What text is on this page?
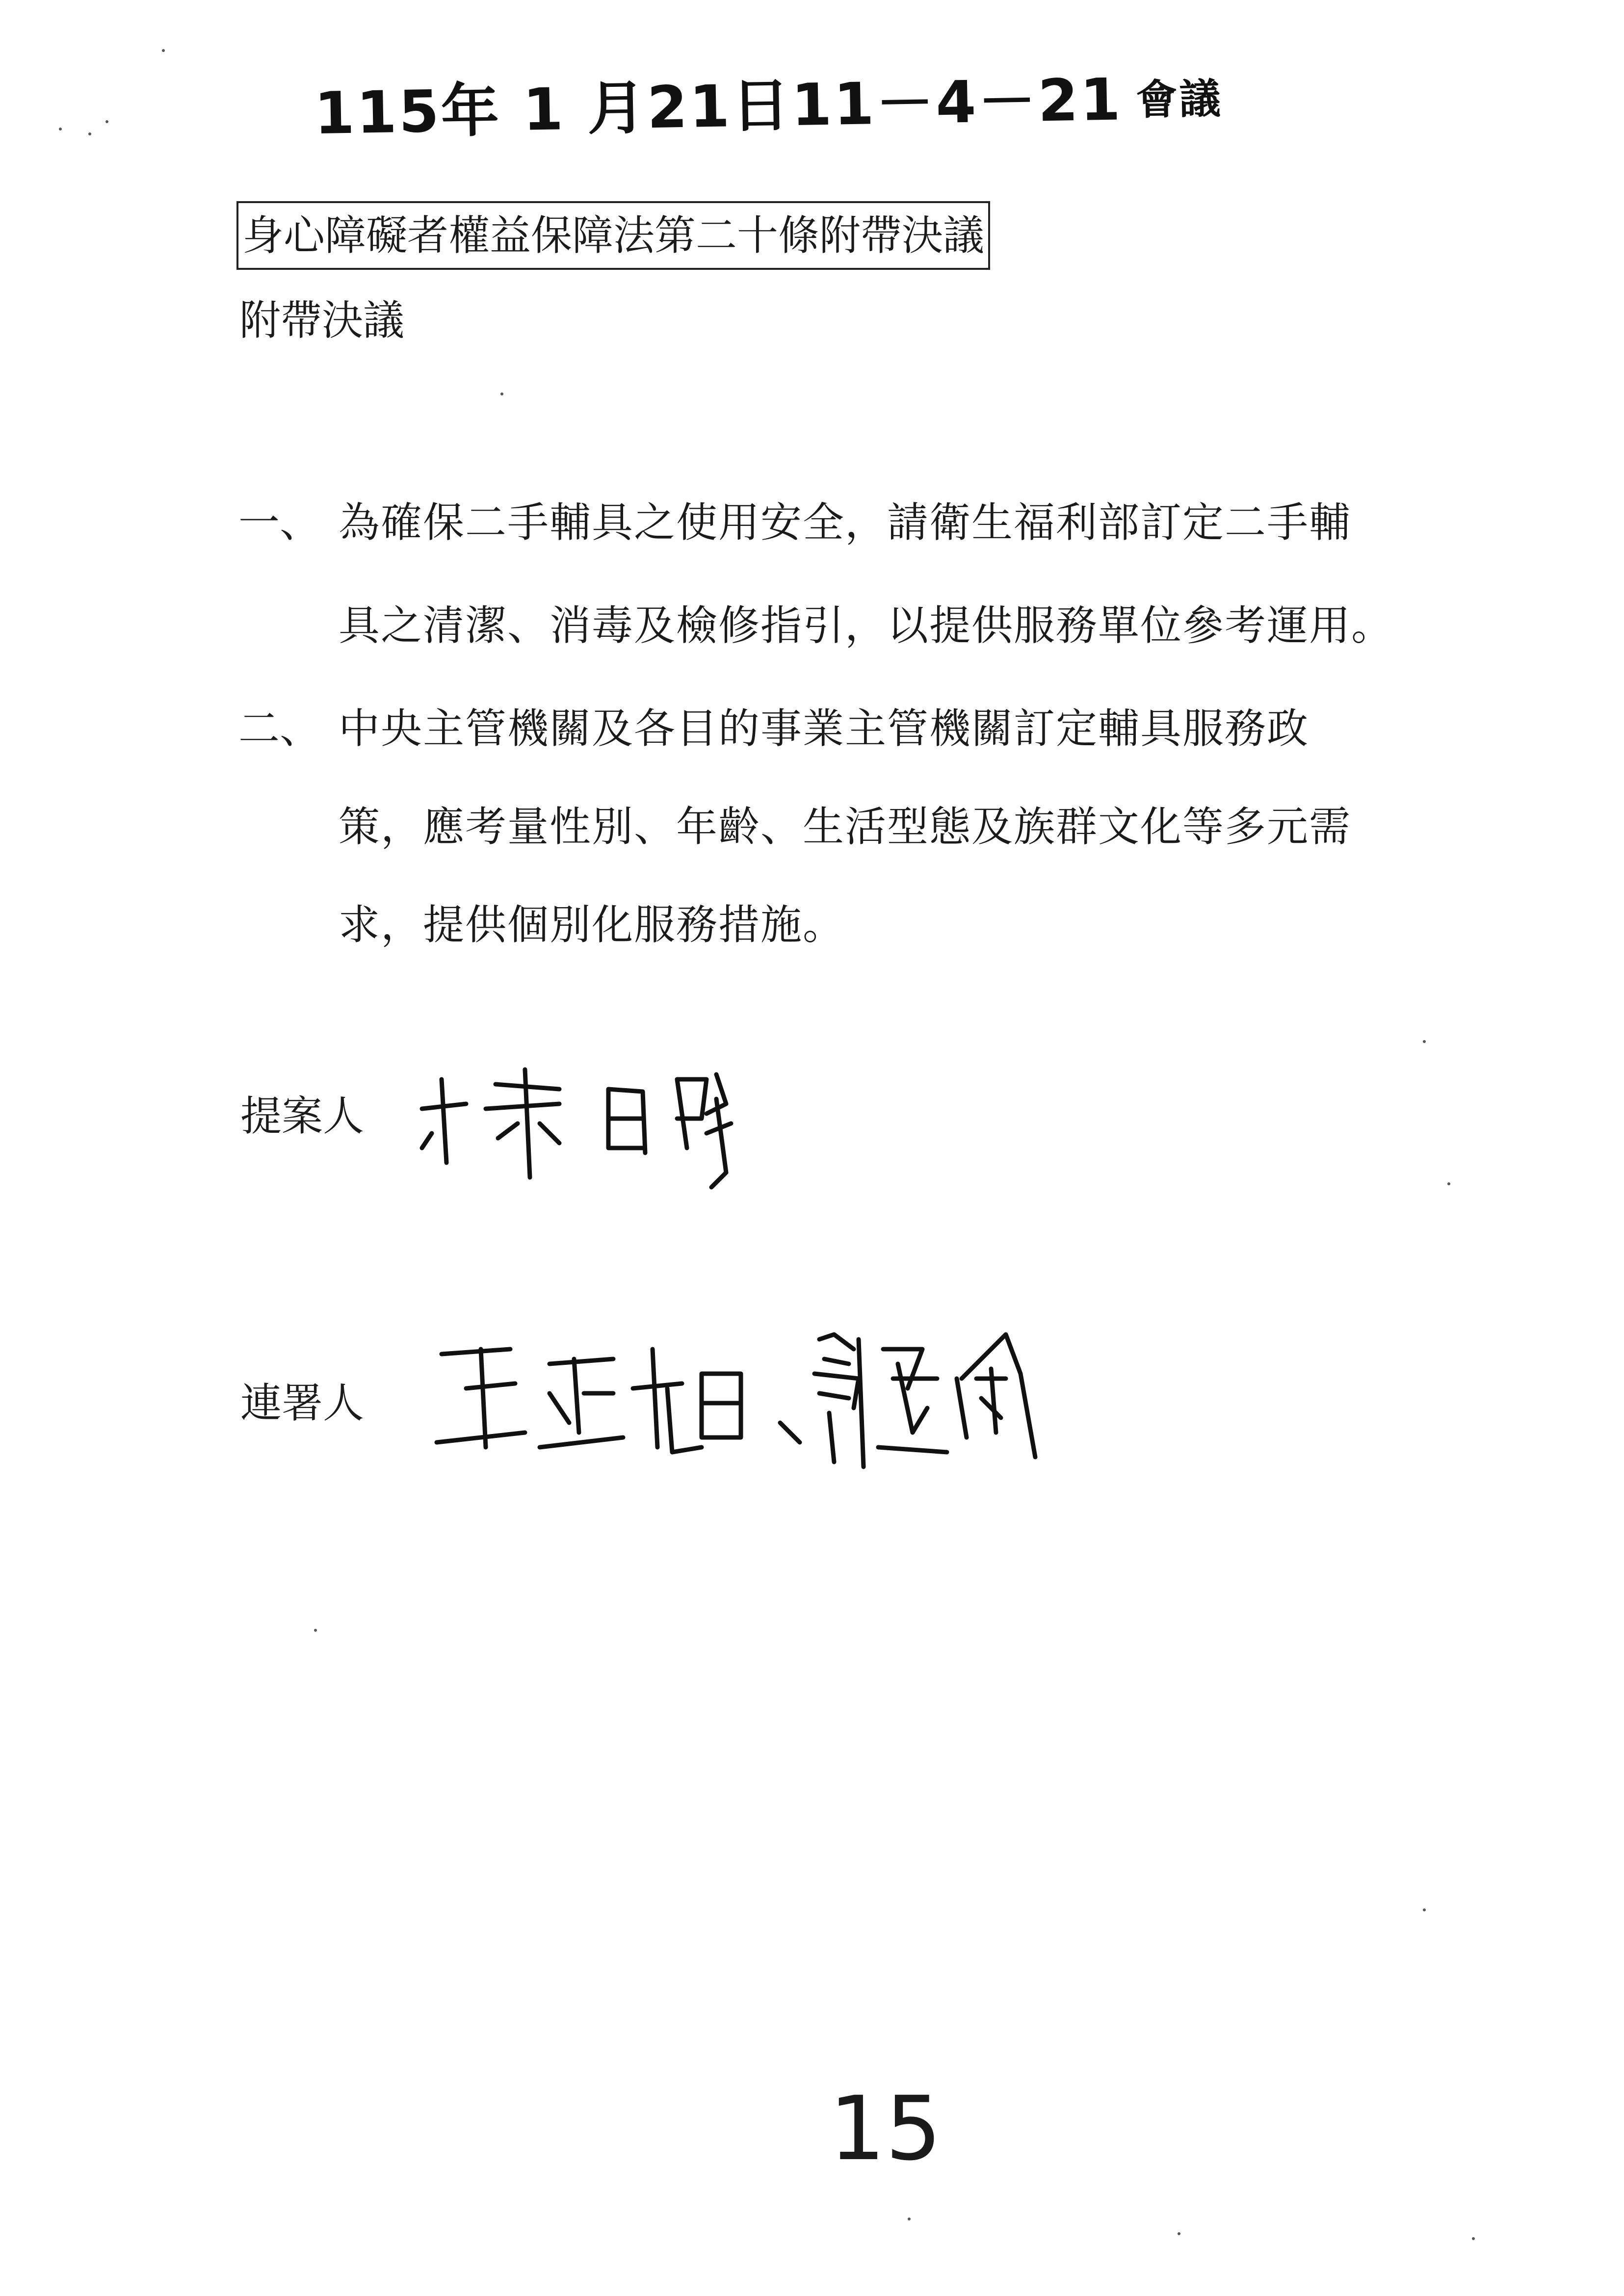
115年 1 月21日11－4－21 會議
身心障礙者權益保障法第二十條附帶決議
附帶決議
一、 為確保二手輔具之使用安全，請衛生福利部訂定二手輔
具之清潔、消毒及檢修指引，以提供服務單位參考運用。
二、 中央主管機關及各目的事業主管機關訂定輔具服務政
策，應考量性別、年齡、生活型態及族群文化等多元需
求，提供個別化服務措施。
提案人
連署人
15
